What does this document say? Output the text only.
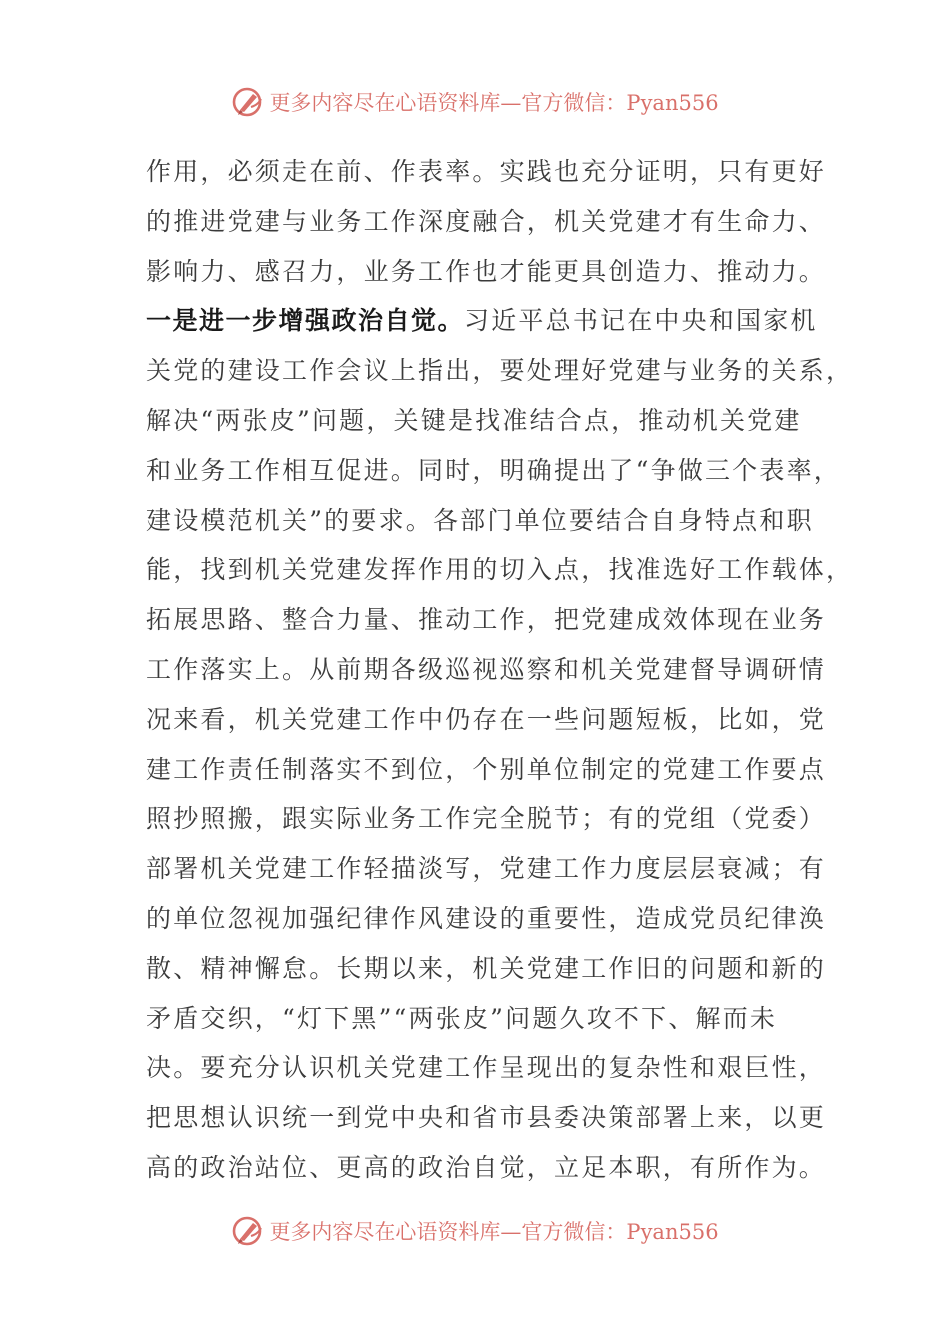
更多内容尽在心语资料库—官方微信：Pyan556
作用，必须走在前、作表率。实践也充分证明，只有更好
的推进党建与业务工作深度融合，机关党建才有生命力、
影响力、感召力，业务工作也才能更具创造力、推动力。
一是进一步增强政治自觉。习近平总书记在中央和国家机
关党的建设工作会议上指出，要处理好党建与业务的关系，
解决“两张皮”问题，关键是找准结合点，推动机关党建
和业务工作相互促进。同时，明确提出了“争做三个表率，
建设模范机关”的要求。各部门单位要结合自身特点和职
能，找到机关党建发挥作用的切入点，找准选好工作载体，
拓展思路、整合力量、推动工作，把党建成效体现在业务
工作落实上。从前期各级巡视巡察和机关党建督导调研情
况来看，机关党建工作中仍存在一些问题短板，比如，党
建工作责任制落实不到位，个别单位制定的党建工作要点
照抄照搬，跟实际业务工作完全脱节；有的党组（党委）
部署机关党建工作轻描淡写，党建工作力度层层衰减；有
的单位忽视加强纪律作风建设的重要性，造成党员纪律涣
散、精神懈怠。长期以来，机关党建工作旧的问题和新的
矛盾交织，“灯下黑”“两张皮”问题久攻不下、解而未
决。要充分认识机关党建工作呈现出的复杂性和艰巨性，
把思想认识统一到党中央和省市县委决策部署上来，以更
高的政治站位、更高的政治自觉，立足本职，有所作为。
更多内容尽在心语资料库—官方微信：Pyan556
